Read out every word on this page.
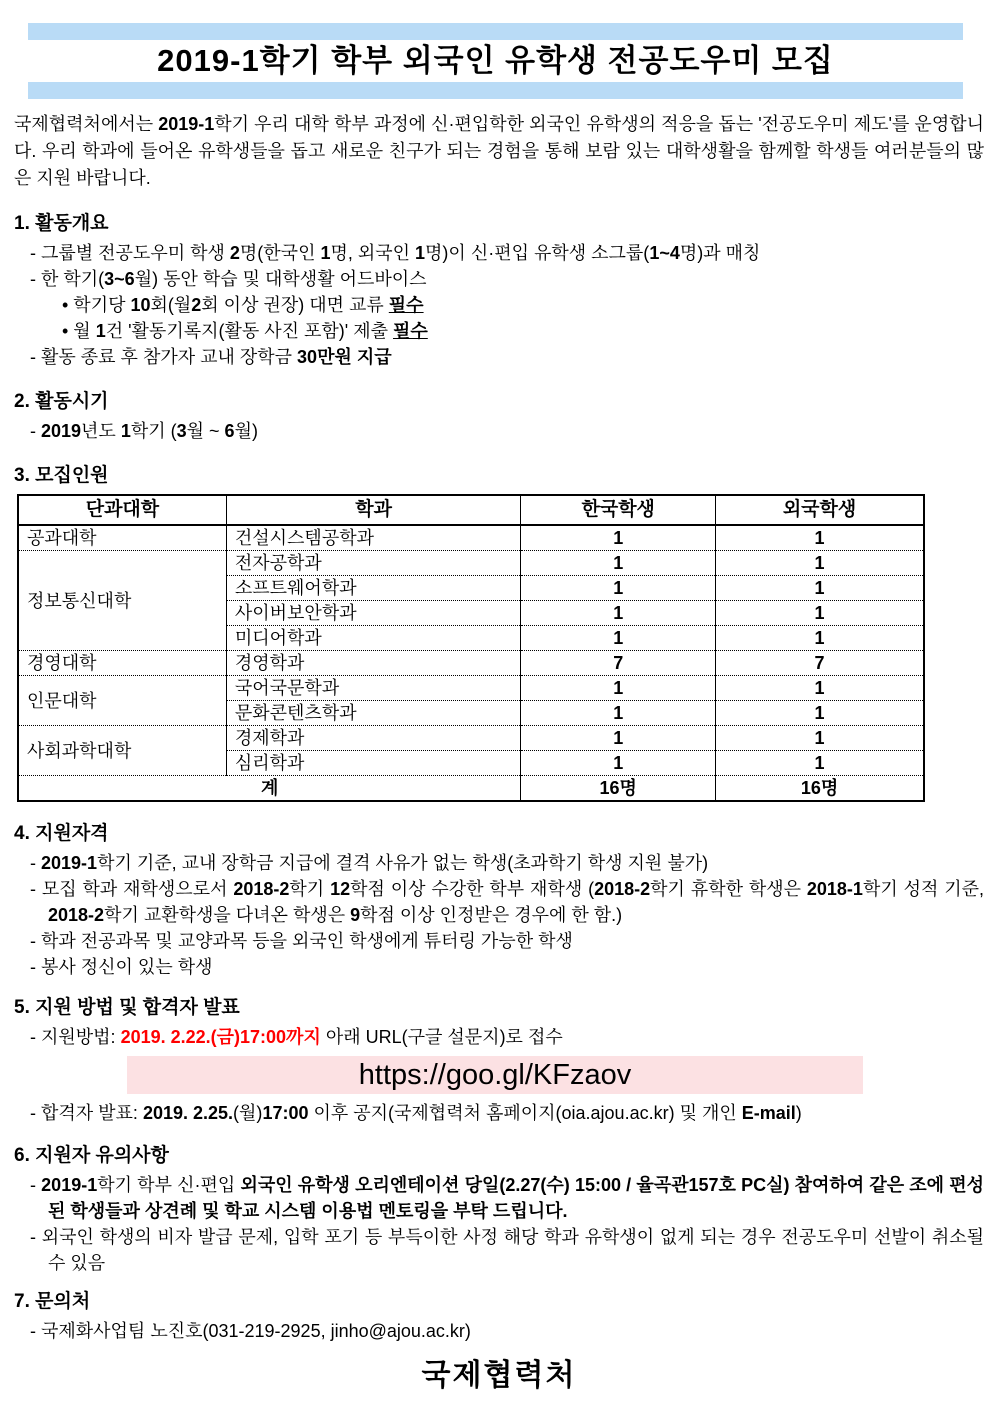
2019-1학기 학부 외국인 유학생 전공도우미 모집

국제협력처에서는 2019-1학기 우리 대학 학부 과정에 신·편입학한 외국인 유학생의 적응을 돕는 '전공도우미 제도'를 운영합니다. 우리 학과에 들어온 유학생들을 돕고 새로운 친구가 되는 경험을 통해 보람 있는 대학생활을 함께할 학생들 여러분들의 많은 지원 바랍니다.

1. 활동개요
- 그룹별 전공도우미 학생 2명(한국인 1명, 외국인 1명)이 신·편입 유학생 소그룹(1~4명)과 매칭
- 한 학기(3~6월) 동안 학습 및 대학생활 어드바이스
• 학기당 10회(월2회 이상 권장) 대면 교류 필수
• 월 1건 '활동기록지(활동 사진 포함)' 제출 필수
- 활동 종료 후 참가자 교내 장학금 30만원 지급
2. 활동시기
- 2019년도 1학기 (3월 ~ 6월)
3. 모집인원
단과대학	학과	한국학생	외국학생
공과대학	건설시스템공학과	1	1
정보통신대학	전자공학과	1	1
	소프트웨어학과	1	1
	사이버보안학과	1	1
	미디어학과	1	1
경영대학	경영학과	7	7
인문대학	국어국문학과	1	1
	문화콘텐츠학과	1	1
사회과학대학	경제학과	1	1
	심리학과	1	1
계		16명	16명
4. 지원자격
- 2019-1학기 기준, 교내 장학금 지급에 결격 사유가 없는 학생(초과학기 학생 지원 불가)
- 모집 학과 재학생으로서 2018-2학기 12학점 이상 수강한 학부 재학생 (2018-2학기 휴학한 학생은 2018-1학기 성적 기준, 2018-2학기 교환학생을 다녀온 학생은 9학점 이상 인정받은 경우에 한 함.)
- 학과 전공과목 및 교양과목 등을 외국인 학생에게 튜터링 가능한 학생
- 봉사 정신이 있는 학생
5. 지원 방법 및 합격자 발표
- 지원방법: 2019. 2.22.(금)17:00까지 아래 URL(구글 설문지)로 접수
https://goo.gl/KFzaov
- 합격자 발표: 2019. 2.25.(월)17:00 이후 공지(국제협력처 홈페이지(oia.ajou.ac.kr) 및 개인 E-mail)
6. 지원자 유의사항
- 2019-1학기 학부 신·편입 외국인 유학생 오리엔테이션 당일(2.27(수) 15:00 / 율곡관157호 PC실) 참여하여 같은 조에 편성된 학생들과 상견례 및 학교 시스템 이용법 멘토링을 부탁 드립니다.
- 외국인 학생의 비자 발급 문제, 입학 포기 등 부득이한 사정 해당 학과 유학생이 없게 되는 경우 전공도우미 선발이 취소될 수 있음
7. 문의처
- 국제화사업팀 노진호(031-219-2925, jinho@ajou.ac.kr)
국제협력처
